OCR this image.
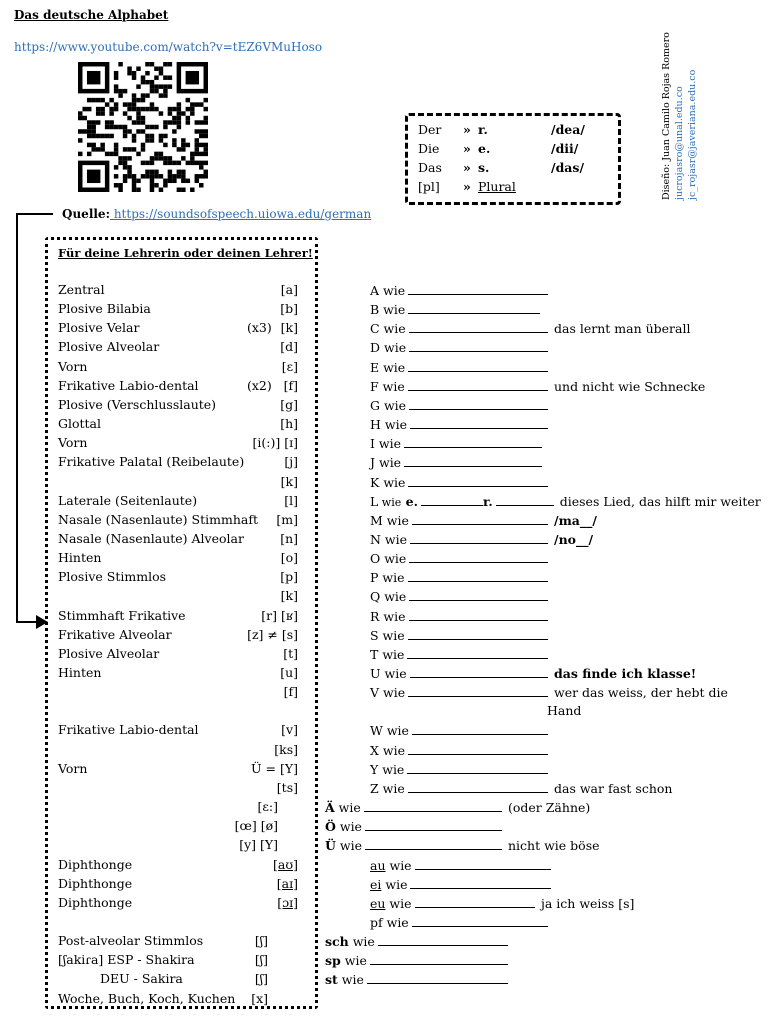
Das deutsche Alphabet
https://www.youtube.com/watch?v=tEZ6VMuHoso
Quelle: https://soundsofspeech.uiowa.edu/german
Der » r.	/dea/
Die » e.	/dii/
Das » s.	/das/
[pl] » Plural	Diseño: Juan Camilo Rojas Romero jucrojasro@unal.edu.co jc_rojasr@javeriana.edu.co
Für deine Lehrerin oder deinen Lehrer!
Zentral	[a]
Plosive Bilabia	[b]
Plosive Velar	(x3) [k]
Plosive Alveolar	[d]
Vorn	[ɛ]
Frikative Labio-dental	(x2) [f]
Plosive (Verschlusslaute)	[g]
Glottal	[h]
Vorn	[i(:)] [ɪ]
Frikative Palatal (Reibelaute)	[j]
[k]
Laterale (Seitenlaute)	[l]
Nasale (Nasenlaute) Stimmhaft [m]
Nasale (Nasenlaute) Alveolar	[n]
Hinten	[o]
Plosive Stimmlos	[p]
[k]
Stimmhaft Frikative	[r] [ʁ]
Frikative Alveolar	[z] ≠ [s]
Plosive Alveolar	[t]
Hinten	[u]
[f]
Frikative Labio-dental	[v]
[ks]
Vorn	Ü = [Y]
[ts]
[ɛ:]
[œ] [ø]
[y] [Y]
Diphthonge	[aʊ]
Diphthonge	[aɪ]
Diphthonge	[ɔɪ]
Post-alveolar Stimmlos	[ʃ]
[ʃakiɾa] ESP - Shakira	[ʃ]
DEU - Sakira	[ʃ]
Woche, Buch, Koch, Kuchen [x]
A wie
B wie
C wie	das lernt man überall
D wie
E wie
F wie	und nicht wie Schnecke
G wie
H wie
I wie
J wie
K wie
L wie e.	r.	dieses Lied, das hilft mir weiter
M wie	/ma__/
N wie	/no__/
O wie
P wie
Q wie
R wie
S wie
T wie
U wie	das finde ich klasse!
V wie	wer das weiss, der hebt die
Hand
W wie
X wie
Y wie
Z wie	das war fast schon
Ä wie	(oder Zähne)
Ö wie
Ü wie	nicht wie böse
au wie
ei wie
eu wie	ja ich weiss [s]
pf wie
sch wie
sp wie
st wie
